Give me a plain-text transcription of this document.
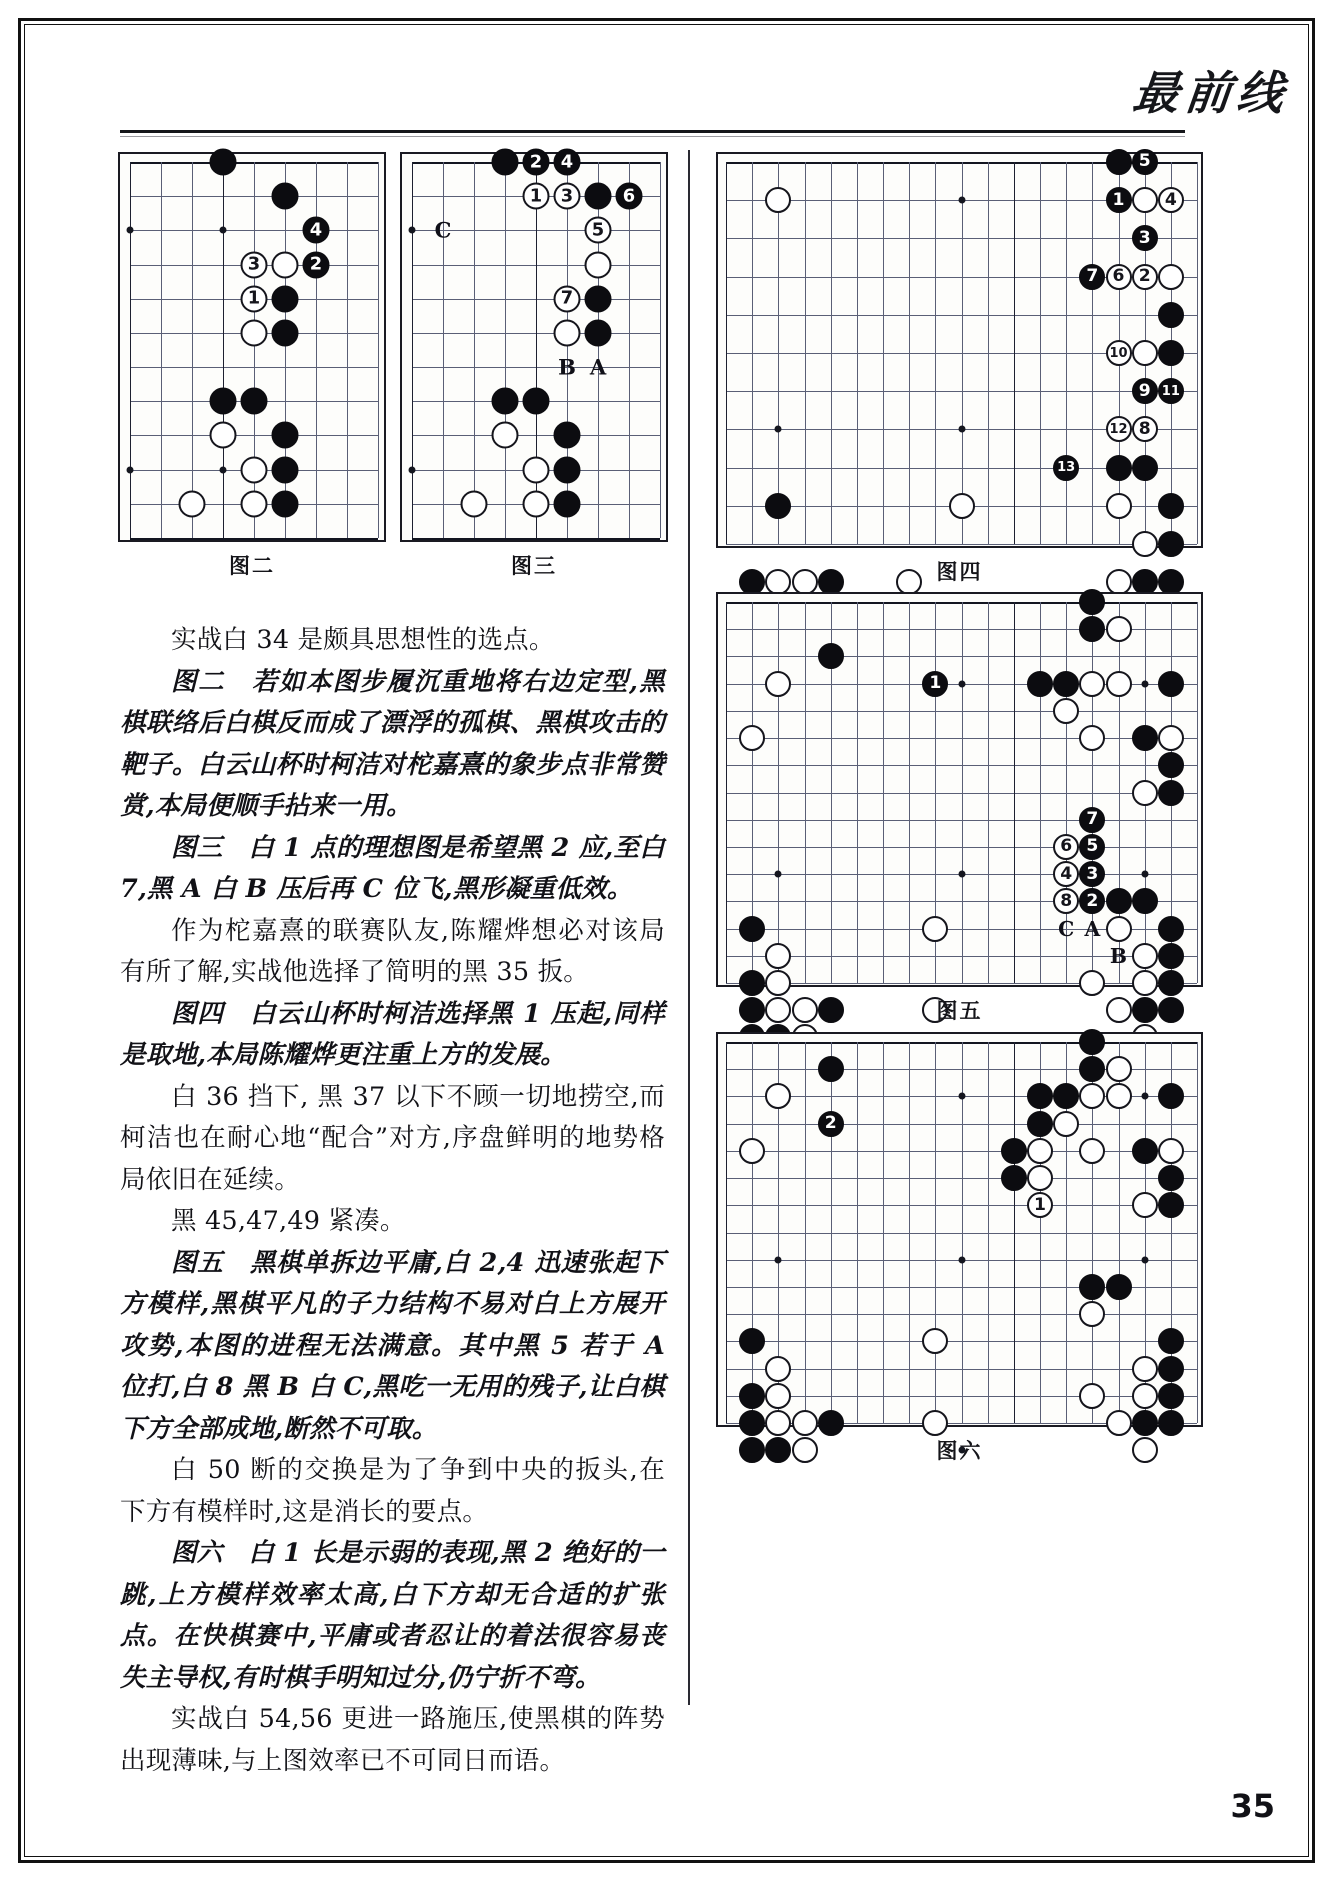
最前线
4
2
3
1
图二
2 4
1 3	6
5
7
C
B A
图三
1
5
4
3
7 6 2
10
9 11
12 8
13
图四
1
7
6 5
4 3
8 2
C A
B
图五
2
1
图六

实战白 34 是颇具思想性的选点。

图二　若如本图步履沉重地将右边定型,黑棋联络后白棋反而成了漂浮的孤棋、黑棋攻击的靶子。白云山杯时柯洁对柁嘉熹的象步点非常赞赏,本局便顺手拈来一用。

图三　白 1 点的理想图是希望黑 2 应,至白 7,黑 A 白 B 压后再 C 位飞,黑形凝重低效。

作为柁嘉熹的联赛队友,陈耀烨想必对该局有所了解,实战他选择了简明的黑 35 扳。

图四　白云山杯时柯洁选择黑 1 压起,同样是取地,本局陈耀烨更注重上方的发展。

白 36 挡下, 黑 37 以下不顾一切地捞空,而柯洁也在耐心地“配合”对方,序盘鲜明的地势格局依旧在延续。

黑 45,47,49 紧凑。

图五　黑棋单拆边平庸,白 2,4 迅速张起下方模样,黑棋平凡的子力结构不易对白上方展开攻势,本图的进程无法满意。其中黑 5 若于 A 位打,白 8 黑 B 白 C,黑吃一无用的残子,让白棋下方全部成地,断然不可取。

白 50 断的交换是为了争到中央的扳头,在下方有模样时,这是消长的要点。

图六　白 1 长是示弱的表现,黑 2 绝好的一跳,上方模样效率太高,白下方却无合适的扩张点。在快棋赛中,平庸或者忍让的着法很容易丧失主导权,有时棋手明知过分,仍宁折不弯。

实战白 54,56 更进一路施压,使黑棋的阵势出现薄味,与上图效率已不可同日而语。

35
